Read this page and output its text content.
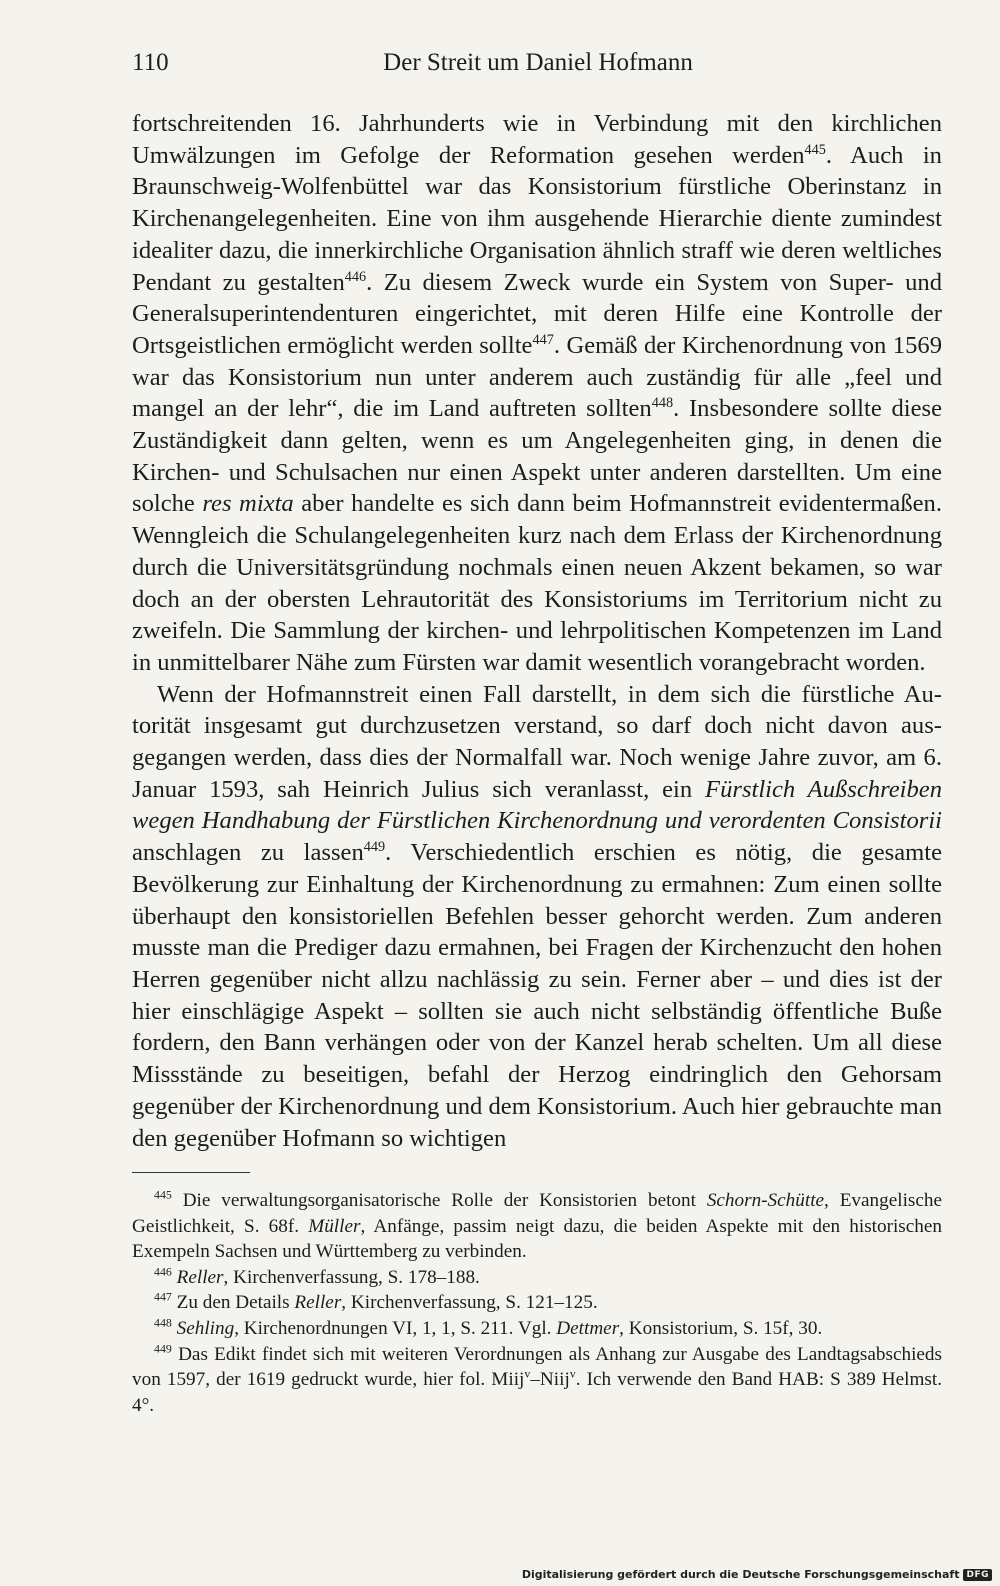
110	Der Streit um Daniel Hofmann

fortschreitenden 16. Jahrhunderts wie in Verbindung mit den kirchlichen Umwälzungen im Gefolge der Reformation gesehen werden$^{445}$. Auch in Braunschweig-Wolfenbüttel war das Konsistorium fürstliche Oberinstanz in Kirchenangelegenheiten. Eine von ihm ausgehende Hierarchie diente zumindest idealiter dazu, die innerkirchliche Organisation ähnlich straff wie deren weltliches Pendant zu gestalten$^{446}$. Zu diesem Zweck wurde ein System von Super- und Generalsuperintendenturen eingerichtet, mit deren Hilfe eine Kontrolle der Ortsgeistlichen ermöglicht werden sollte$^{447}$. Gemäß der Kirchenordnung von 1569 war das Konsistorium nun unter anderem auch zuständig für alle „feel und mangel an der lehr“, die im Land auftreten sollten$^{448}$. Insbesondere sollte diese Zuständigkeit dann gelten, wenn es um Angelegenheiten ging, in denen die Kirchen- und Schulsachen nur einen Aspekt unter anderen darstellten. Um eine solche res mixta aber handelte es sich dann beim Hofmannstreit evidentermaßen. Wenngleich die Schulangelegenheiten kurz nach dem Erlass der Kirchenordnung durch die Universitätsgründung nochmals einen neuen Akzent bekamen, so war doch an der obersten Lehrautorität des Konsistoriums im Territorium nicht zu zweifeln. Die Sammlung der kirchen- und lehrpolitischen Kompetenzen im Land in unmittelbarer Nähe zum Fürsten war damit wesentlich vorangebracht worden.

Wenn der Hofmannstreit einen Fall darstellt, in dem sich die fürstliche Autorität insgesamt gut durchzusetzen verstand, so darf doch nicht davon ausgegangen werden, dass dies der Normalfall war. Noch wenige Jahre zuvor, am 6. Januar 1593, sah Heinrich Julius sich veranlasst, ein Fürstlich Außschreiben wegen Handhabung der Fürstlichen Kirchenordnung und verordenten Consistorii anschlagen zu lassen$^{449}$. Verschiedentlich erschien es nötig, die gesamte Bevölkerung zur Einhaltung der Kirchenordnung zu ermahnen: Zum einen sollte überhaupt den konsistoriellen Befehlen besser gehorcht werden. Zum anderen musste man die Prediger dazu ermahnen, bei Fragen der Kirchenzucht den hohen Herren gegenüber nicht allzu nachlässig zu sein. Ferner aber – und dies ist der hier einschlägige Aspekt – sollten sie auch nicht selbständig öffentliche Buße fordern, den Bann verhängen oder von der Kanzel herab schelten. Um all diese Missstände zu beseitigen, befahl der Herzog eindringlich den Gehorsam gegenüber der Kirchenordnung und dem Konsistorium. Auch hier gebrauchte man den gegenüber Hofmann so wichtigen

$^{445}$ Die verwaltungsorganisatorische Rolle der Konsistorien betont Schorn-Schütte, Evangelische Geistlichkeit, S. 68f. Müller, Anfänge, passim neigt dazu, die beiden Aspekte mit den historischen Exempeln Sachsen und Württemberg zu verbinden.

$^{446}$ Reller, Kirchenverfassung, S. 178–188.

$^{447}$ Zu den Details Reller, Kirchenverfassung, S. 121–125.

$^{448}$ Sehling, Kirchenordnungen VI, 1, 1, S. 211. Vgl. Dettmer, Konsistorium, S. 15f, 30.

$^{449}$ Das Edikt findet sich mit weiteren Verordnungen als Anhang zur Ausgabe des Landtagsabschieds von 1597, der 1619 gedruckt wurde, hier fol. Miij$^v$–Niij$^v$. Ich verwende den Band HAB: S 389 Helmst. 4°.

Digitalisierung gefördert durch die Deutsche Forschungsgemeinschaft DFG
